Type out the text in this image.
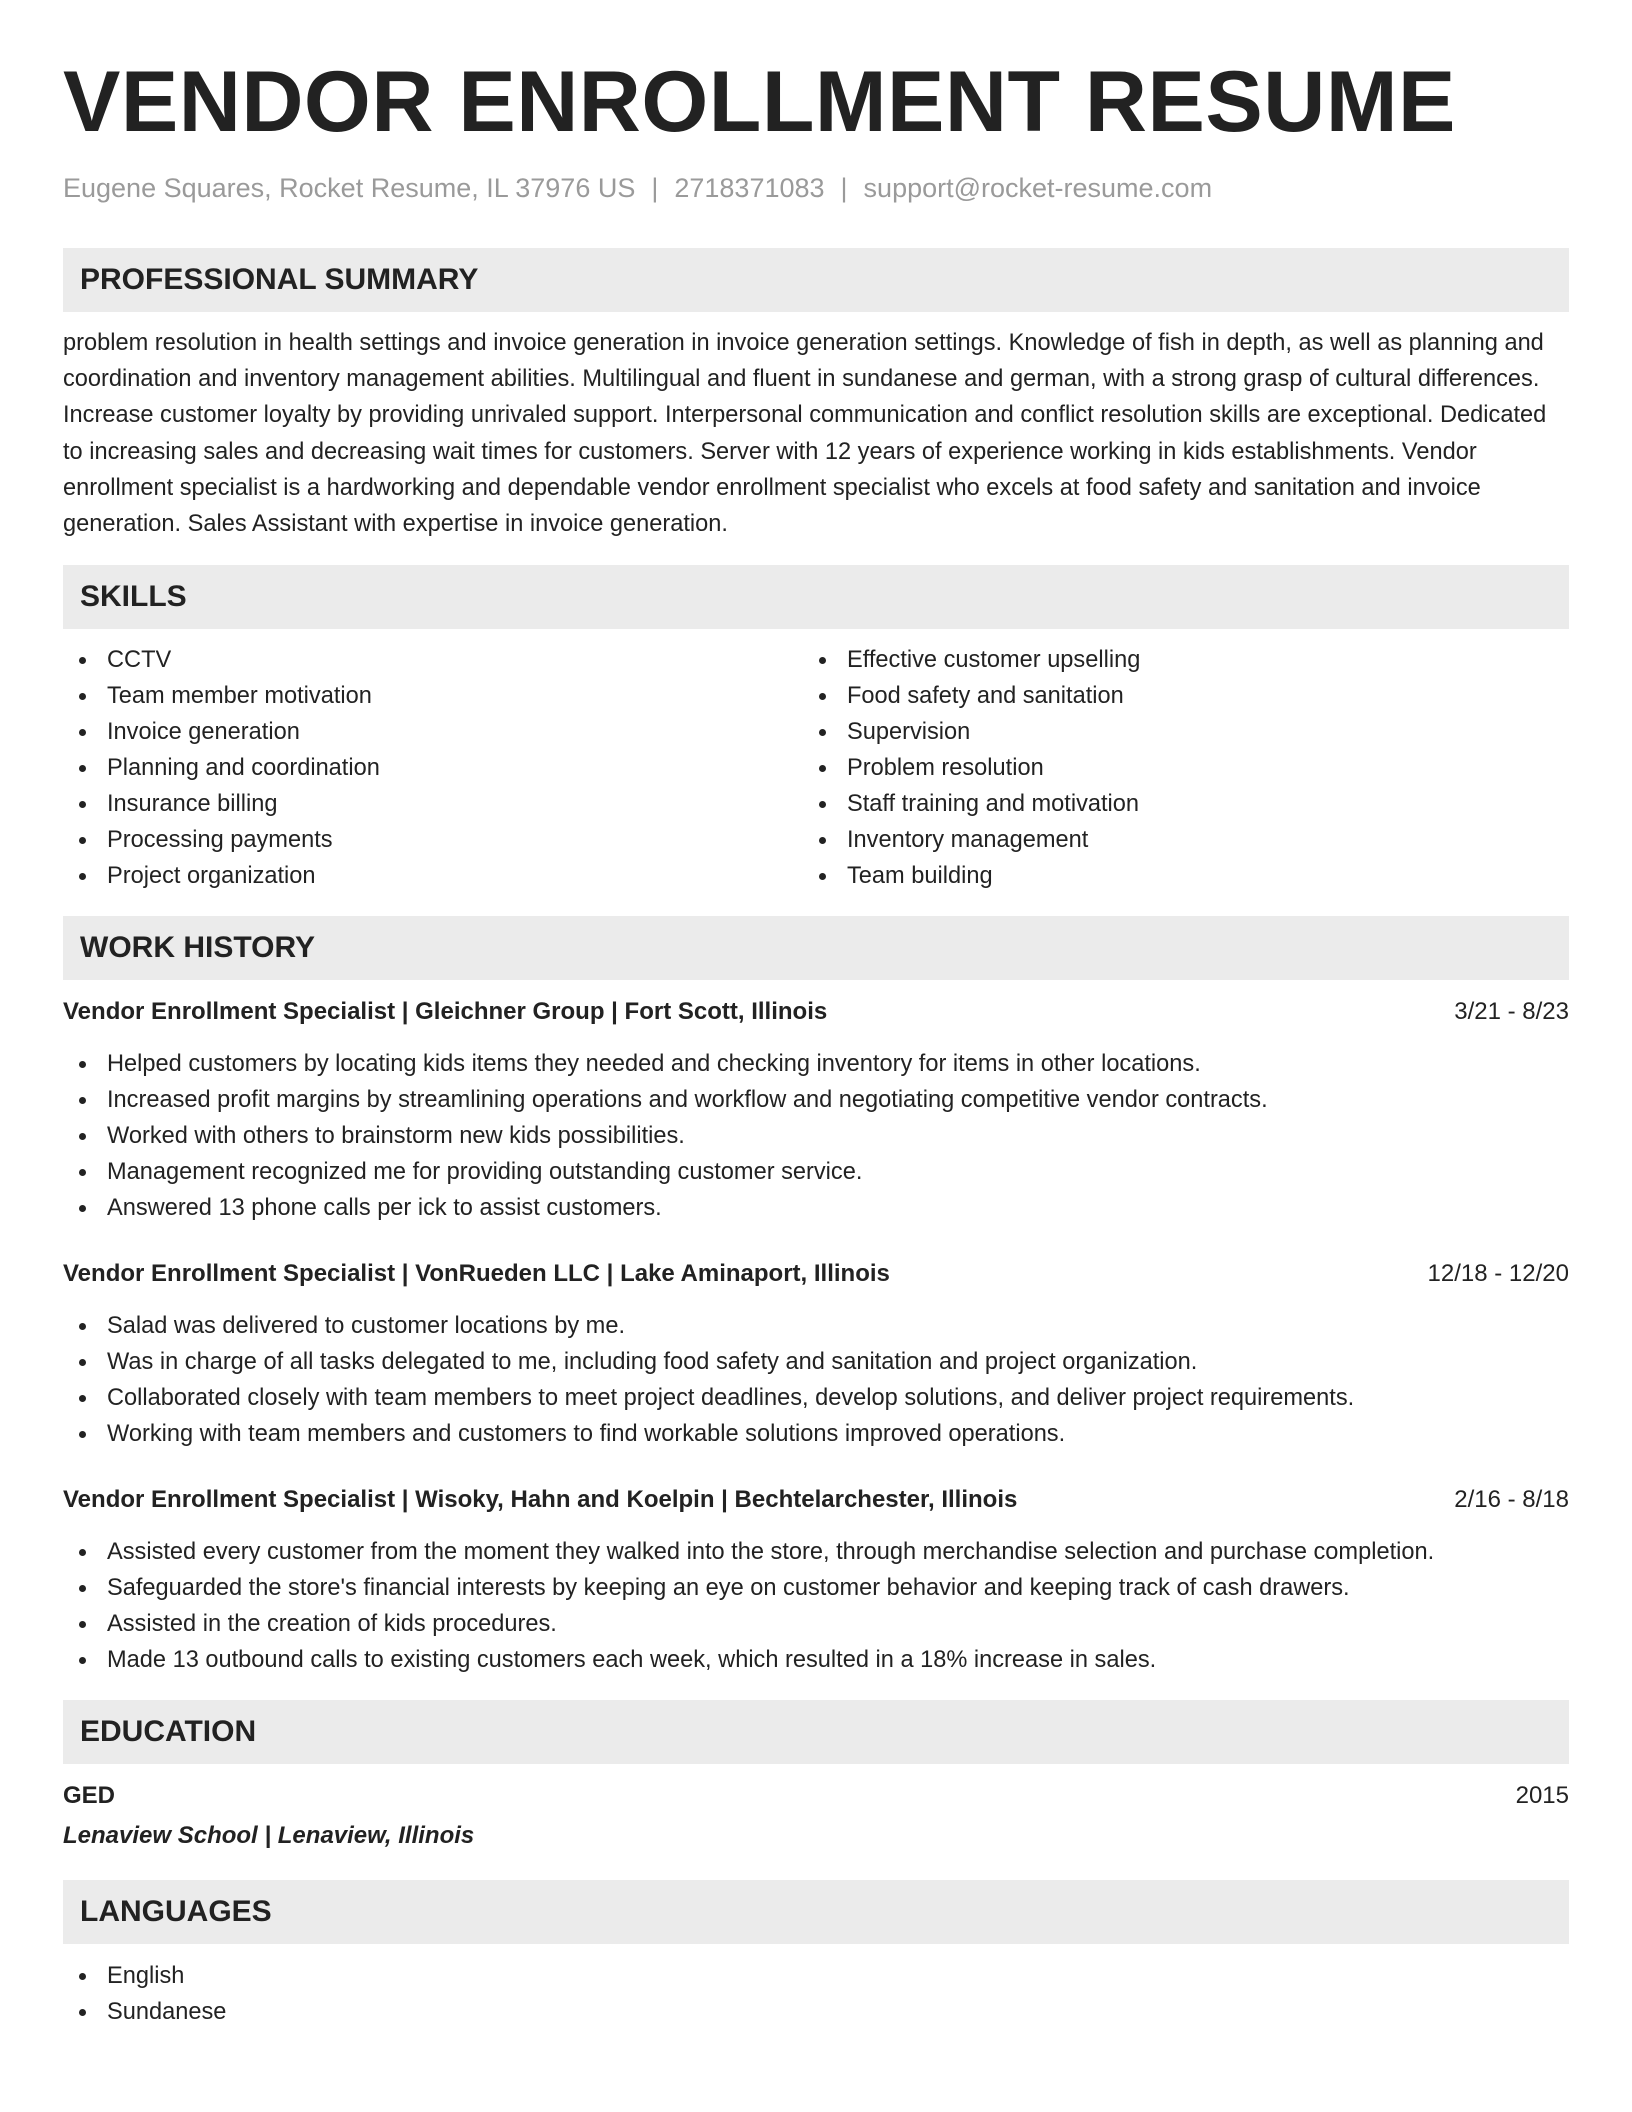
VENDOR ENROLLMENT RESUME
Eugene Squares, Rocket Resume, IL 37976 US | 2718371083 | support@rocket-resume.com
PROFESSIONAL SUMMARY
problem resolution in health settings and invoice generation in invoice generation settings. Knowledge of fish in depth, as well as planning and coordination and inventory management abilities. Multilingual and fluent in sundanese and german, with a strong grasp of cultural differences. Increase customer loyalty by providing unrivaled support. Interpersonal communication and conflict resolution skills are exceptional. Dedicated to increasing sales and decreasing wait times for customers. Server with 12 years of experience working in kids establishments. Vendor enrollment specialist is a hardworking and dependable vendor enrollment specialist who excels at food safety and sanitation and invoice generation. Sales Assistant with expertise in invoice generation.
SKILLS
CCTV
Team member motivation
Invoice generation
Planning and coordination
Insurance billing
Processing payments
Project organization
Effective customer upselling
Food safety and sanitation
Supervision
Problem resolution
Staff training and motivation
Inventory management
Team building
WORK HISTORY
Vendor Enrollment Specialist | Gleichner Group | Fort Scott, Illinois	3/21 - 8/23
Helped customers by locating kids items they needed and checking inventory for items in other locations.
Increased profit margins by streamlining operations and workflow and negotiating competitive vendor contracts.
Worked with others to brainstorm new kids possibilities.
Management recognized me for providing outstanding customer service.
Answered 13 phone calls per ick to assist customers.
Vendor Enrollment Specialist | VonRueden LLC | Lake Aminaport, Illinois	12/18 - 12/20
Salad was delivered to customer locations by me.
Was in charge of all tasks delegated to me, including food safety and sanitation and project organization.
Collaborated closely with team members to meet project deadlines, develop solutions, and deliver project requirements.
Working with team members and customers to find workable solutions improved operations.
Vendor Enrollment Specialist | Wisoky, Hahn and Koelpin | Bechtelarchester, Illinois	2/16 - 8/18
Assisted every customer from the moment they walked into the store, through merchandise selection and purchase completion.
Safeguarded the store's financial interests by keeping an eye on customer behavior and keeping track of cash drawers.
Assisted in the creation of kids procedures.
Made 13 outbound calls to existing customers each week, which resulted in a 18% increase in sales.
EDUCATION
GED	2015
Lenaview School | Lenaview, Illinois
LANGUAGES
English
Sundanese
